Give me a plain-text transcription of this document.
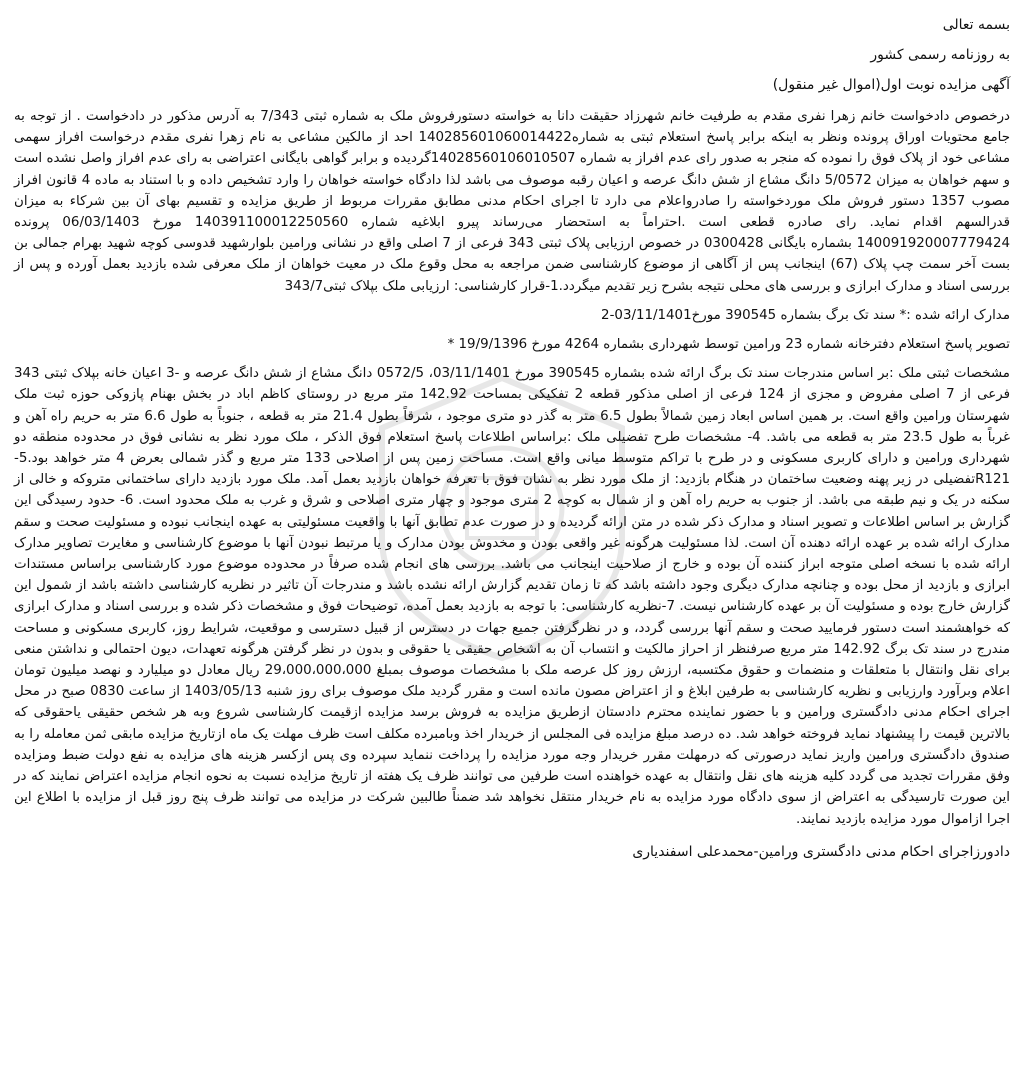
بسمه تعالی
به روزنامه رسمی کشور
آگهی مزایده نوبت اول(اموال غیر منقول)

درخصوص دادخواست خانم زهرا نفری مقدم به طرفیت خانم شهرزاد حقیقت دانا به خواسته دستورفروش ملک به شماره ثبتی 7/343 به آدرس مذکور در دادخواست . از توجه به جامع محتویات اوراق پرونده ونظر به اینکه برابر پاسخ استعلام ثبتی به شماره140285601060014422 احد از مالکین مشاعی به نام زهرا نفری مقدم درخواست افراز سهمی مشاعی خود از پلاک فوق را نموده که منجر به صدور رای عدم افراز به شماره 140285601060105​07گردیده و برابر گواهی بایگانی اعتراضی به رای عدم افراز واصل نشده است و سهم خواهان به میزان 5/0572 دانگ مشاع از شش دانگ عرصه و اعیان رقبه موصوف می باشد لذا دادگاه خواسته خواهان را وارد تشخیص داده و با استناد به ماده 4 قانون افراز مصوب 1357 دستور فروش ملک موردخواسته را صادرواعلام می دارد تا اجرای احکام مدنی مطابق مقررات مربوط از طریق مزایده و تقسیم بهای آن بین شرکاء به میزان قدرالسهم اقدام نماید. رای صادره قطعی است .احتراماً به استحضار می‌رساند پیرو ابلاغیه شماره 140391100012250560 مورخ 06/03/1403 پرونده 140091920007779424 بشماره بایگانی 0300428 در خصوص ارزیابی پلاک ثبتی 343 فرعی از 7 اصلی واقع در نشانی ورامین بلوارشهید قدوسی کوچه شهید بهرام جمالی بن بست آخر سمت چپ پلاک (67) اینجانب پس از آگاهی از موضوع کارشناسی ضمن مراجعه به محل وقوع ملک در معیت خواهان از ملک معرفی شده بازدید بعمل آورده و پس از بررسی اسناد و مدارک ابرازی و بررسی های محلی نتیجه بشرح زیر تقدیم میگردد.1-قرار کارشناسی: ارزیابی ملک بپلاک ثبتی343/7

مدارک ارائه شده :* سند تک برگ بشماره 390545 مورخ03/11/1401-2

تصویر پاسخ استعلام دفترخانه شماره 23 ورامین توسط شهرداری بشماره 4264 مورخ 19/9/1396 *

مشخصات ثبتی ملک :بر اساس مندرجات سند تک برگ ارائه شده بشماره 390545 مورخ 03/11/1401، 0572/5 دانگ مشاع از شش دانگ عرصه و -3 اعیان خانه بپلاک ثبتی 343 فرعی از 7 اصلی مفروض و مجزی از 124 فرعی از اصلی مذکور قطعه 2 تفکیکی بمساحت 142.92 متر مربع در روستای کاظم اباد در بخش بهنام پازوکی حوزه ثبت ملک شهرستان ورامین واقع است. بر همین اساس ابعاد زمین شمالاً بطول 6.5 متر به گذر دو متری موجود ، شرقاً بطول 21.4 متر به قطعه ، جنوباً به طول 6.6 متر به حریم راه آهن و غرباً به طول 23.5 متر به قطعه می باشد. 4- مشخصات طرح تفضیلی ملک :براساس اطلاعات پاسخ استعلام فوق الذکر ، ملک مورد نظر به نشانی فوق در محدوده منطقه دو شهرداری ورامین و دارای کاربری مسکونی و در طرح با تراکم متوسط میانی واقع است. مساحت زمین پس از اصلاحی 133 متر مربع و گذر شمالی بعرض 4 متر خواهد بود.5- R121تفضیلی در زیر پهنه وضعیت ساختمان در هنگام بازدید: از ملک مورد نظر به نشان فوق با تعرفه خواهان بازدید بعمل آمد. ملک مورد بازدید دارای ساختمانی متروکه و خالی از سکنه در یک و نیم طبقه می باشد. از جنوب به حریم راه آهن و از شمال به کوچه 2 متری موجود و چهار متری اصلاحی و شرق و غرب به ملک محدود است. 6- حدود رسیدگی این گزارش بر اساس اطلاعات و تصویر اسناد و مدارک ذکر شده در متن ارائه گردیده و در صورت عدم تطابق آنها با واقعیت مسئولیتی به عهده اینجانب نبوده و مسئولیت صحت و سقم مدارک ارائه شده بر عهده ارائه دهنده آن است. لذا مسئولیت هرگونه غیر واقعی بودن و مخدوش بودن مدارک و یا مرتبط نبودن آنها با موضوع کارشناسی و مغایرت تصاویر مدارک ارائه شده با نسخه اصلی متوجه ابراز کننده آن بوده و خارج از صلاحیت اینجانب می باشد. بررسی های انجام شده صرفاً در محدوده موضوع مورد کارشناسی براساس مستندات ابرازی و بازدید از محل بوده و چنانچه مدارک دیگری وجود داشته باشد که تا زمان تقدیم گزارش ارائه نشده باشد و مندرجات آن تاثیر در نظریه کارشناسی داشته باشد از شمول این گزارش خارج بوده و مسئولیت آن بر عهده کارشناس نیست. 7-نظریه کارشناسی: با توجه به بازدید بعمل آمده، توضیحات فوق و مشخصات ذکر شده و بررسی اسناد و مدارک ابرازی که خواهشمند است دستور فرمایید صحت و سقم آنها بررسی گردد، و در نظرگرفتن جمیع جهات در دسترس از قبیل دسترسی و موقعیت، شرایط روز، کاربری مسکونی و مساحت مندرج در سند تک برگ 142.92 متر مربع صرفنظر از احراز مالکیت و انتساب آن به اشخاص حقیقی یا حقوقی و بدون در نظر گرفتن هرگونه تعهدات، دیون احتمالی و نداشتن منعی برای نقل وانتقال با متعلقات و منضمات و حقوق مکتسبه، ارزش روز کل عرصه ملک با مشخصات موصوف بمبلغ 29،000،000،000 ریال معادل دو میلیارد و نهصد میلیون تومان اعلام وبرآورد وارزیابی و نظریه کارشناسی به طرفین ابلاغ و از اعتراض مصون مانده است و مقرر گردید ملک موصوف برای روز شنبه 1403/05/13 از ساعت 0830 صبح در محل اجرای احکام مدنی دادگستری ورامین و با حضور نماینده محترم دادستان ازطریق مزایده به فروش برسد مزایده ازقیمت کارشناسی شروع وبه هر شخص حقیقی یاحقوقی که بالاترین قیمت را پیشنهاد نماید فروخته خواهد شد. ده درصد مبلغ مزایده فی المجلس از خریدار اخذ وبامبرده مکلف است ظرف مهلت یک ماه ازتاریخ مزایده مابقی ثمن معامله را به صندوق دادگستری ورامین واریز نماید درصورتی که درمهلت مقرر خریدار وجه مورد مزایده را پرداخت ننماید سپرده وی پس ازکسر هزینه های مزایده به نفع دولت ضبط ومزایده وفق مقررات تجدید می گردد کلیه هزینه های نقل وانتقال به عهده خواهنده است طرفین می توانند ظرف یک هفته از تاریخ مزایده نسبت به نحوه انجام مزایده اعتراض نمایند که در این صورت تارسیدگی به اعتراض از سوی دادگاه مورد مزایده به نام خریدار منتقل نخواهد شد ضمناً طالبین شرکت در مزایده می توانند ظرف پنج روز قبل از مزایده با اطلاع این اجرا ازاموال مورد مزایده بازدید نمایند.

دادورزاجرای احکام مدنی دادگستری ورامین-محمدعلی اسفندیاری
